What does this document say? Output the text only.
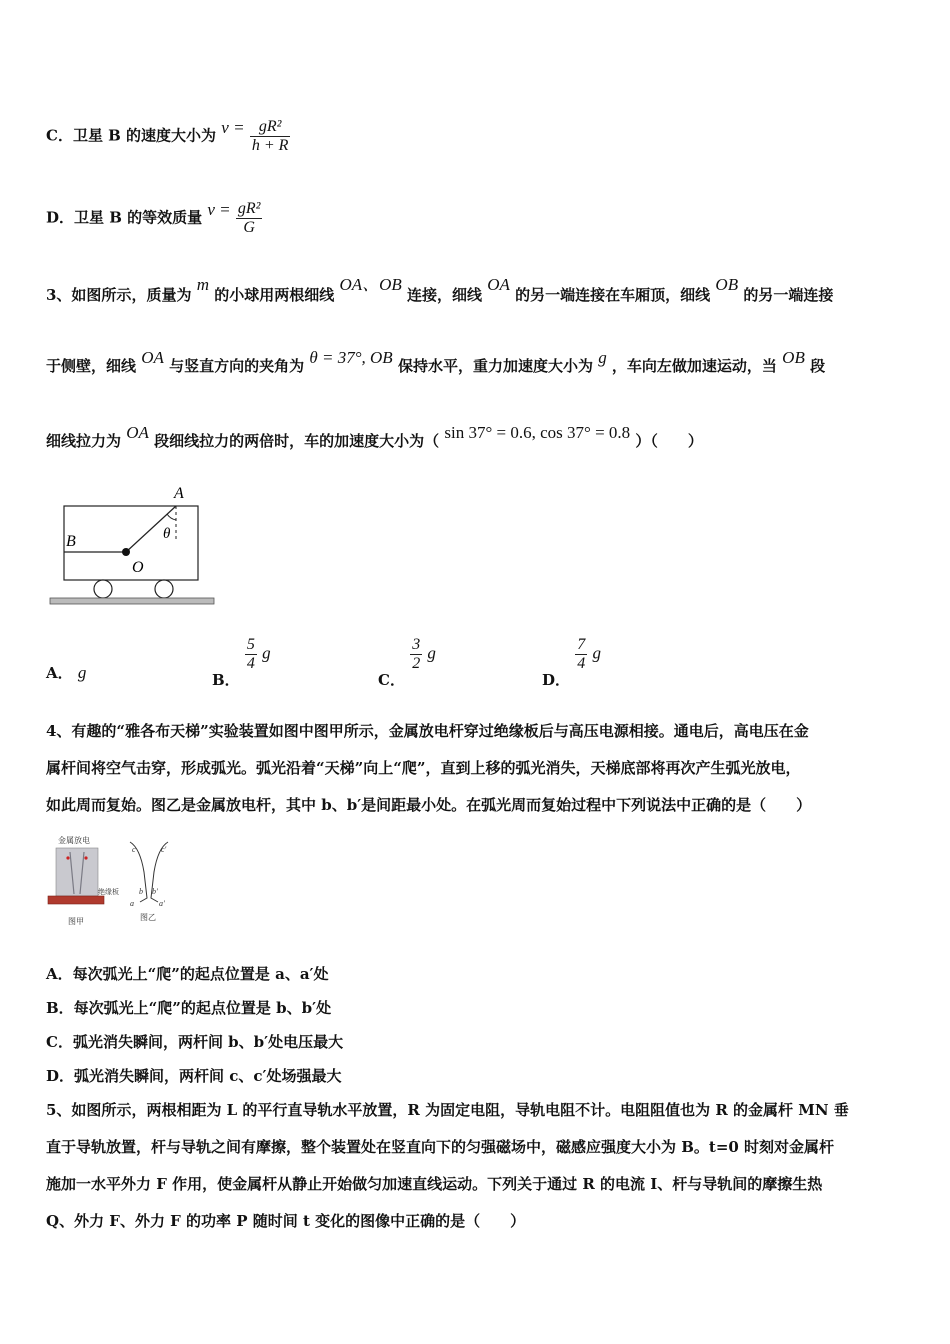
C．卫星 B 的速度大小为 $v = \frac{\text{gR²}}{h + R}$
D．卫星 B 的等效质量 $v = \frac{\text{gR²}}{G}$
3、如图所示，质量为 m 的小球用两根细线 OA、OB 连接，细线 OA 的另一端连接在车厢顶，细线 OB 的另一端连接
于侧壁，细线 OA 与竖直方向的夹角为 θ = 37°, OB 保持水平，重力加速度大小为 g ，车向左做加速运动，当 OB 段
细线拉力为 OA 段细线拉力的两倍时，车的加速度大小为（ sin 37° = 0.6, cos 37° = 0.8 ）（　　）
A
B
O
θ
A． g	B．
$\frac{5}{4}$ g
C．
$\frac{3}{2}$ g
D．
$\frac{7}{4}$ g
4、有趣的“雅各布天梯”实验装置如图中图甲所示，金属放电杆穿过绝缘板后与高压电源相接。通电后，高电压在金
属杆间将空气击穿，形成弧光。弧光沿着“天梯”向上“爬”，直到上移的弧光消失，天梯底部将再次产生弧光放电，
如此周而复始。图乙是金属放电杆，其中 b、b′是间距最小处。在弧光周而复始过程中下列说法中正确的是（　　）
金属放电
绝缘板
图甲
c	c′
b b′
a	a′
图乙
A．每次弧光上“爬”的起点位置是 a、a′处
B．每次弧光上“爬”的起点位置是 b、b′处
C．弧光消失瞬间，两杆间 b、b′处电压最大
D．弧光消失瞬间，两杆间 c、c′处场强最大
5、如图所示，两根相距为 L 的平行直导轨水平放置，R 为固定电阻，导轨电阻不计。电阻阻值也为 R 的金属杆 MN 垂
直于导轨放置，杆与导轨之间有摩擦，整个装置处在竖直向下的匀强磁场中，磁感应强度大小为 B。t=0 时刻对金属杆
施加一水平外力 F 作用，使金属杆从静止开始做匀加速直线运动。下列关于通过 R 的电流 I、杆与导轨间的摩擦生热
Q、外力 F、外力 F 的功率 P 随时间 t 变化的图像中正确的是（　　）
